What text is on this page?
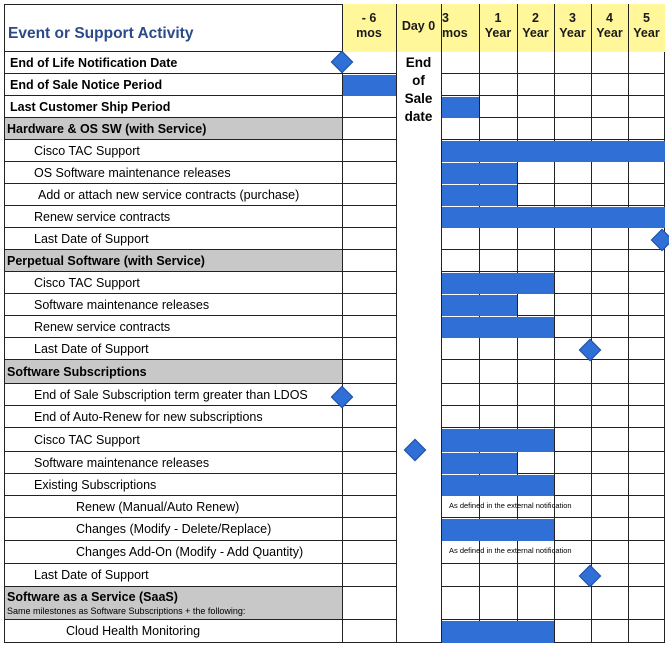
Event or Support Activity
- 6
mos	Day 0
3
mos
1
Year
2
Year
3
Year
4
Year
5
Year
End of Life Notification Date
End of Sale Notice Period
Last Customer Ship Period
Hardware & OS SW (with Service)
Cisco TAC Support
OS Software maintenance releases
Add or attach new service contracts (purchase)
Renew service contracts
Last Date of Support
Perpetual Software (with Service)
Cisco TAC Support
Software maintenance releases
Renew service contracts
Last Date of Support
Software Subscriptions
End of Sale Subscription term greater than LDOS
End of Auto-Renew for new subscriptions
Cisco TAC Support
Software maintenance releases
Existing Subscriptions
Renew (Manual/Auto Renew)
Changes (Modify - Delete/Replace)
Changes Add-On (Modify - Add Quantity)
Last Date of Support
Same milestones as Software Subscriptions + the following:
Software as a Service (SaaS)
Cloud Health Monitoring
End
of
Sale
date
As defined in the external notification
As defined in the external notification
